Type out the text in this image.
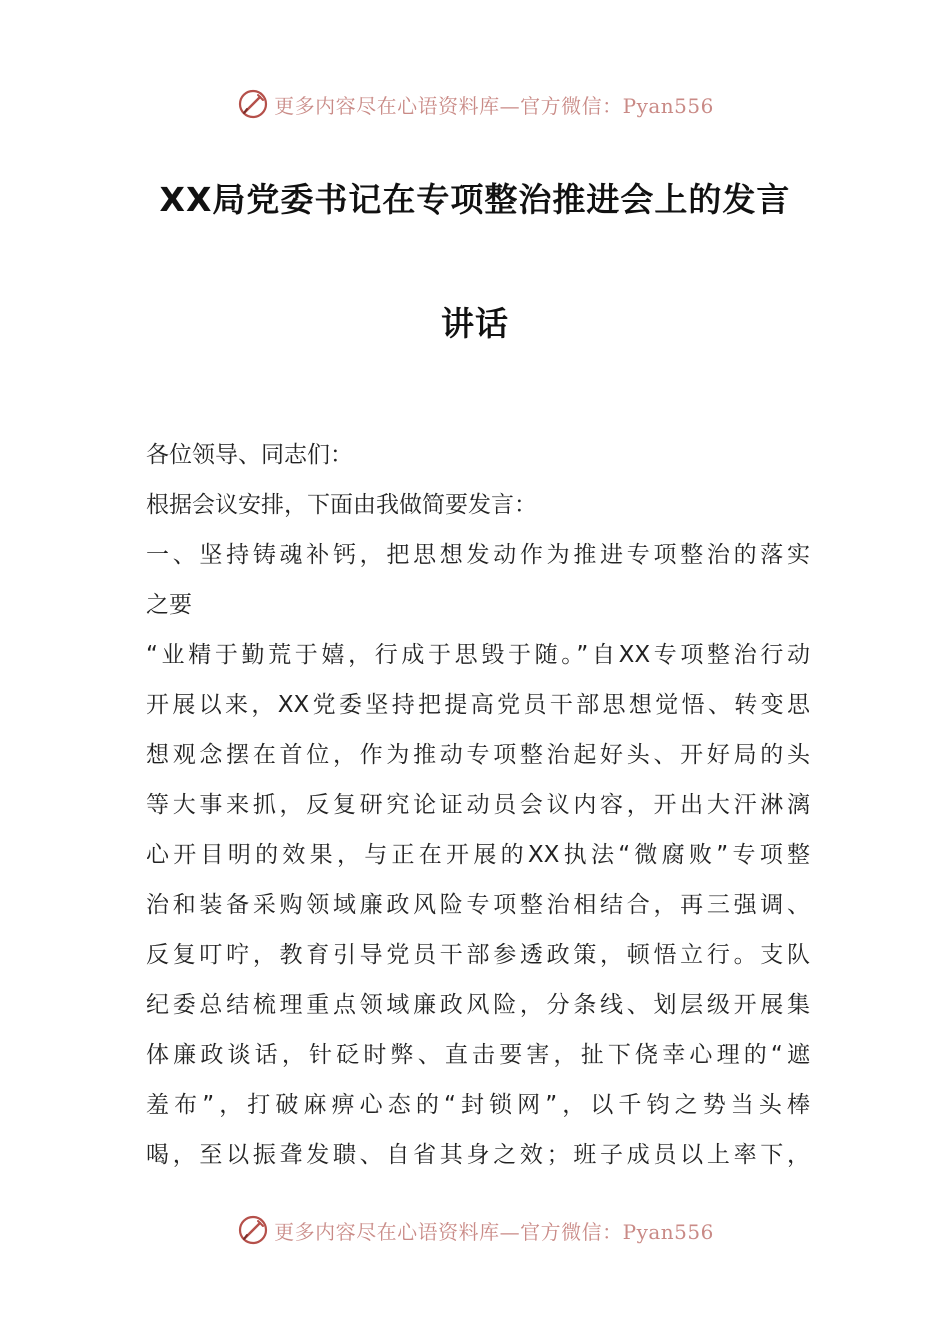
更多内容尽在心语资料库—官方微信：Pyan556
XX局党委书记在专项整治推进会上的发言
讲话
各位领导、同志们：
根据会议安排，下面由我做简要发言：
一、坚持铸魂补钙，把思想发动作为推进专项整治的落实
之要
“业精于勤荒于嬉，行成于思毁于随。”自XX专项整治行动
开展以来，XX党委坚持把提高党员干部思想觉悟、转变思
想观念摆在首位，作为推动专项整治起好头、开好局的头
等大事来抓，反复研究论证动员会议内容，开出大汗淋漓
心开目明的效果，与正在开展的XX执法“微腐败”专项整
治和装备采购领域廉政风险专项整治相结合，再三强调、
反复叮咛，教育引导党员干部参透政策，顿悟立行。支队
纪委总结梳理重点领域廉政风险，分条线、划层级开展集
体廉政谈话，针砭时弊、直击要害，扯下侥幸心理的“遮
羞布”，打破麻痹心态的“封锁网”，以千钧之势当头棒
喝，至以振聋发聩、自省其身之效；班子成员以上率下，
更多内容尽在心语资料库—官方微信：Pyan556
